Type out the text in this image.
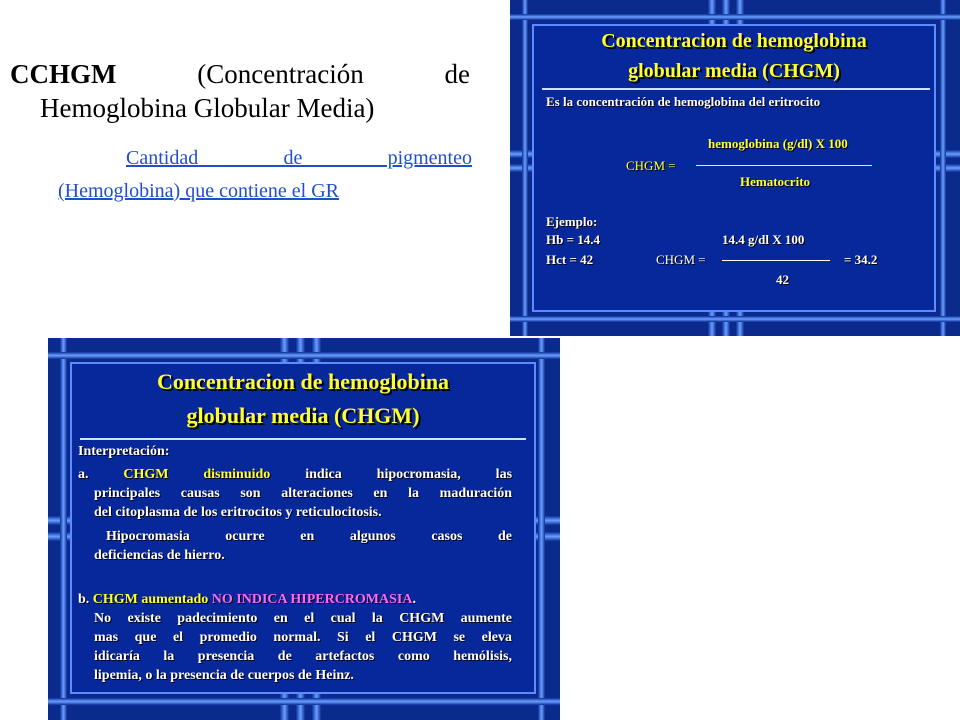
CCHGM	(Concentración de
Hemoglobina Globular Media)
Cantidad de pigmenteo
(Hemoglobina) que contiene el GR
Concentracion de hemoglobina
globular media (CHGM)
Es la concentración de hemoglobina del eritrocito
hemoglobina (g/dl) X 100
CHGM =
Hematocrito
Ejemplo:
Hb = 14.4	14.4 g/dl X 100
Hct = 42	CHGM =	= 34.2
42
Concentracion de hemoglobina
globular media (CHGM)
Interpretación:
a. CHGM disminuido indica hipocromasia, las
principales causas son alteraciones en la maduración
del citoplasma de los eritrocitos y reticulocitosis.
Hipocromasia ocurre en algunos casos de
deficiencias de hierro.
b. CHGM aumentado NO INDICA HIPERCROMASIA.
No existe padecimiento en el cual la CHGM aumente
mas que el promedio normal. Si el CHGM se eleva
idicaría la presencia de artefactos como hemólisis,
lipemia, o la presencia de cuerpos de Heinz.
